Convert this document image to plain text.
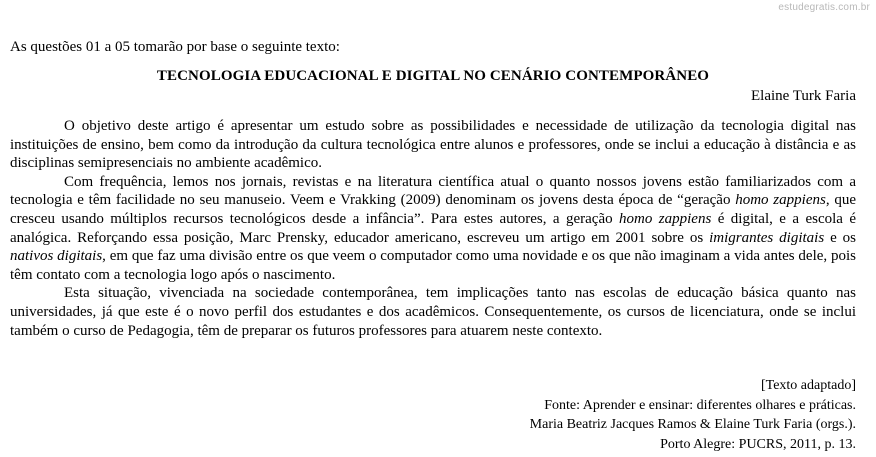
estudegratis.com.br
As questões 01 a 05 tomarão por base o seguinte texto:
TECNOLOGIA EDUCACIONAL E DIGITAL NO CENÁRIO CONTEMPORÂNEO
Elaine Turk Faria

O objetivo deste artigo é apresentar um estudo sobre as possibilidades e necessidade de utilização da tecnologia digital nas instituições de ensino, bem como da introdução da cultura tecnológica entre alunos e professores, onde se inclui a educação à distância e as disciplinas semipresenciais no ambiente acadêmico.

Com frequência, lemos nos jornais, revistas e na literatura científica atual o quanto nossos jovens estão familiarizados com a tecnologia e têm facilidade no seu manuseio. Veem e Vrakking (2009) denominam os jovens desta época de “geração homo zappiens, que cresceu usando múltiplos recursos tecnológicos desde a infância”. Para estes autores, a geração homo zappiens é digital, e a escola é analógica. Reforçando essa posição, Marc Prensky, educador americano, escreveu um artigo em 2001 sobre os imigrantes digitais e os nativos digitais, em que faz uma divisão entre os que veem o computador como uma novidade e os que não imaginam a vida antes dele, pois têm contato com a tecnologia logo após o nascimento.

Esta situação, vivenciada na sociedade contemporânea, tem implicações tanto nas escolas de educação básica quanto nas universidades, já que este é o novo perfil dos estudantes e dos acadêmicos. Consequentemente, os cursos de licenciatura, onde se inclui também o curso de Pedagogia, têm de preparar os futuros professores para atuarem neste contexto.

[Texto adaptado]
Fonte: Aprender e ensinar: diferentes olhares e práticas.
Maria Beatriz Jacques Ramos & Elaine Turk Faria (orgs.).
Porto Alegre: PUCRS, 2011, p. 13.
